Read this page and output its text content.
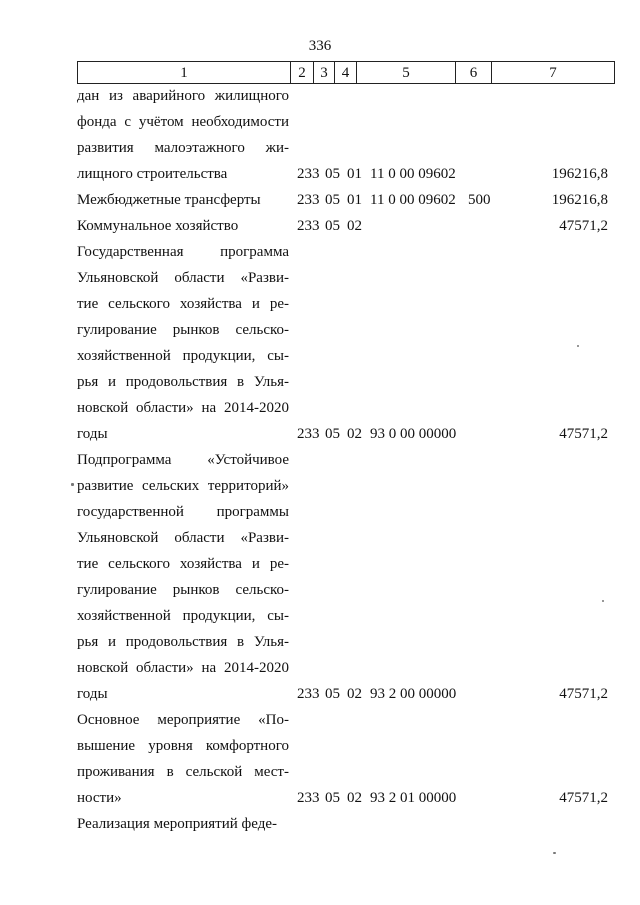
336
1	2	3	4	5	6	7
дан из аварийного жилищного
фонда с учётом необходимости
развития малоэтажного жи-
лищного строительства	233 05 01 11 0 00 09602	196216,8
Межбюджетные трансферты	233 05 01 11 0 00 09602 500	196216,8
Коммунальное хозяйство	233 05 02	47571,2
Государственная программа
Ульяновской области «Разви-
тие сельского хозяйства и ре-
гулирование рынков сельско-
хозяйственной продукции, сы-
рья и продовольствия в Улья-
новской области» на 2014-2020
годы	233 05 02 93 0 00 00000	47571,2
Подпрограмма «Устойчивое
развитие сельских территорий»
государственной программы
Ульяновской области «Разви-
тие сельского хозяйства и ре-
гулирование рынков сельско-
хозяйственной продукции, сы-
рья и продовольствия в Улья-
новской области» на 2014-2020
годы	233 05 02 93 2 00 00000	47571,2
Основное мероприятие «По-
вышение уровня комфортного
проживания в сельской мест-
ности»	233 05 02 93 2 01 00000	47571,2
Реализация мероприятий феде-
